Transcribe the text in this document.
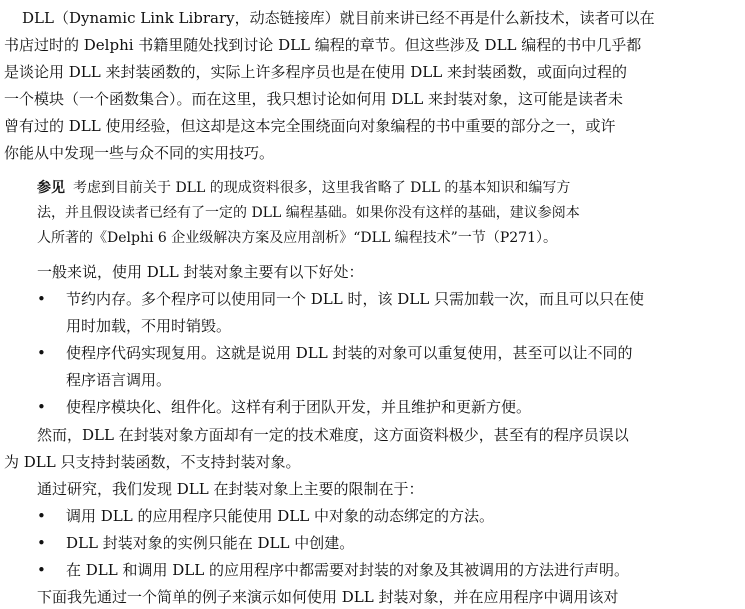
DLL（Dynamic Link Library，动态链接库）就目前来讲已经不再是什么新技术，读者可以在
书店过时的 Delphi 书籍里随处找到讨论 DLL 编程的章节。但这些涉及 DLL 编程的书中几乎都
是谈论用 DLL 来封装函数的，实际上许多程序员也是在使用 DLL 来封装函数，或面向过程的
一个模块（一个函数集合）。而在这里，我只想讨论如何用 DLL 来封装对象，这可能是读者未
曾有过的 DLL 使用经验，但这却是这本完全围绕面向对象编程的书中重要的部分之一，或许
你能从中发现一些与众不同的实用技巧。
参见 考虑到目前关于 DLL 的现成资料很多，这里我省略了 DLL 的基本知识和编写方
法，并且假设读者已经有了一定的 DLL 编程基础。如果你没有这样的基础，建议参阅本
人所著的《Delphi 6 企业级解决方案及应用剖析》“DLL 编程技术”一节（P271）。
一般来说，使用 DLL 封装对象主要有以下好处：
• 节约内存。多个程序可以使用同一个 DLL 时，该 DLL 只需加载一次，而且可以只在使
用时加载，不用时销毁。
• 使程序代码实现复用。这就是说用 DLL 封装的对象可以重复使用，甚至可以让不同的
程序语言调用。
• 使程序模块化、组件化。这样有利于团队开发，并且维护和更新方便。
然而，DLL 在封装对象方面却有一定的技术难度，这方面资料极少，甚至有的程序员误以
为 DLL 只支持封装函数，不支持封装对象。
通过研究，我们发现 DLL 在封装对象上主要的限制在于：
• 调用 DLL 的应用程序只能使用 DLL 中对象的动态绑定的方法。
• DLL 封装对象的实例只能在 DLL 中创建。
• 在 DLL 和调用 DLL 的应用程序中都需要对封装的对象及其被调用的方法进行声明。
下面我先通过一个简单的例子来演示如何使用 DLL 封装对象，并在应用程序中调用该对
